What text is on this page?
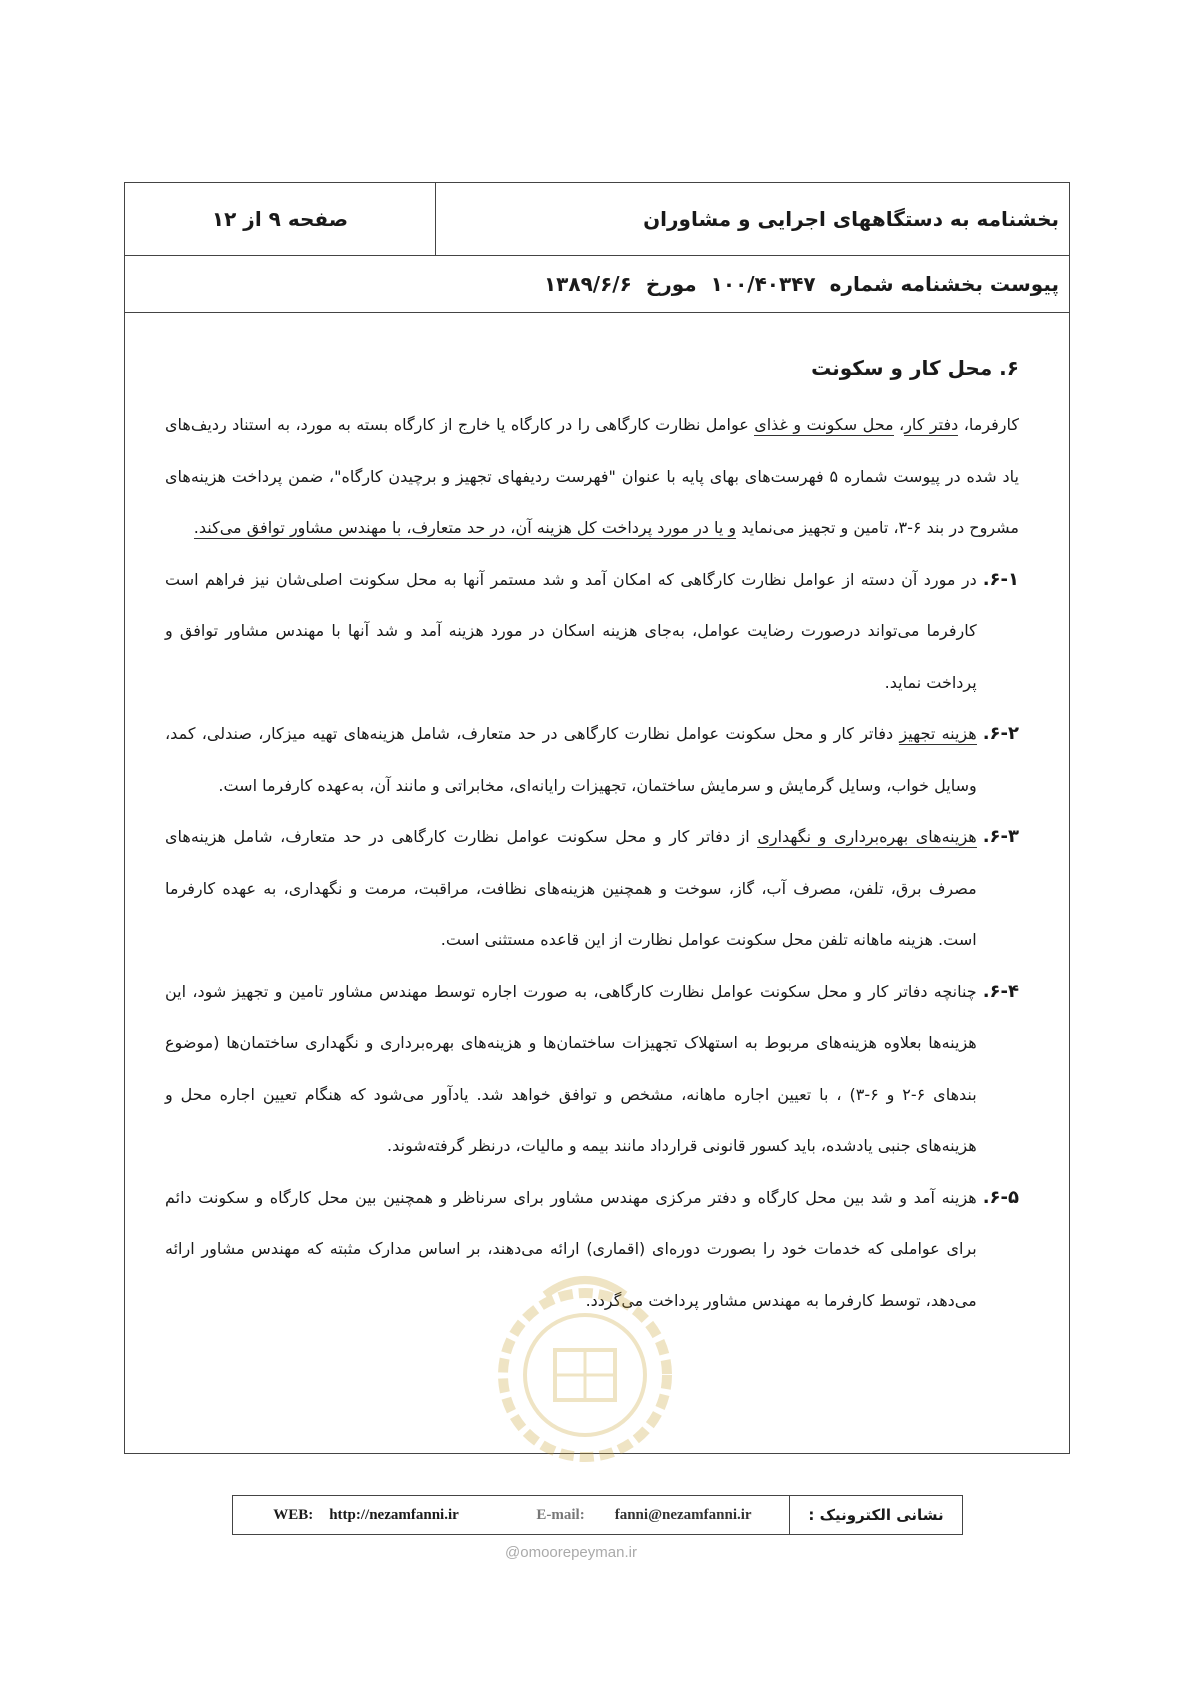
بخشنامه به دستگاههای اجرایی و مشاوران
صفحه ۹ از ۱۲
پیوست بخشنامه شماره
۱۰۰/۴۰۳۴۷
مورخ
۱۳۸۹/۶/۶
۶. محل کار و سکونت

کارفرما، دفتر کار، محل سکونت و غذای عوامل نظارت کارگاهی را در کارگاه یا خارج از کارگاه بسته به مورد، به استناد ردیف‌های یاد شده در پیوست شماره ۵ فهرست‌های بهای پایه با عنوان "فهرست ردیفهای تجهیز و برچیدن کارگاه"، ضمن پرداخت هزینه‌های مشروح در بند ۶-۳، تامین و تجهیز می‌نماید و یا در مورد پرداخت کل هزینه آن، در حد متعارف، با مهندس مشاور توافق می‌کند.

۶-۱.
در مورد آن دسته از عوامل نظارت کارگاهی که امکان آمد و شد مستمر آنها به محل سکونت اصلی‌شان نیز فراهم است کارفرما می‌تواند درصورت رضایت عوامل، به‌جای هزینه اسکان در مورد هزینه آمد و شد آنها با مهندس مشاور توافق و پرداخت نماید.
۶-۲.
هزینه تجهیز دفاتر کار و محل سکونت عوامل نظارت کارگاهی در حد متعارف، شامل هزینه‌های تهیه میزکار، صندلی، کمد، وسایل خواب، وسایل گرمایش و سرمایش ساختمان، تجهیزات رایانه‌ای، مخابراتی و مانند آن، به‌عهده کارفرما است.
۶-۳.
هزینه‌های بهره‌برداری و نگهداری از دفاتر کار و محل سکونت عوامل نظارت کارگاهی در حد متعارف، شامل هزینه‌های مصرف برق، تلفن، مصرف آب، گاز، سوخت و همچنین هزینه‌های نظافت، مراقبت، مرمت و نگهداری، به عهده کارفرما است. هزینه ماهانه تلفن محل سکونت عوامل نظارت از این قاعده مستثنی است.
۶-۴.
چنانچه دفاتر کار و محل سکونت عوامل نظارت کارگاهی، به صورت اجاره توسط مهندس مشاور تامین و تجهیز شود، این هزینه‌ها بعلاوه هزینه‌های مربوط به استهلاک تجهیزات ساختمان‌ها و هزینه‌های بهره‌برداری و نگهداری ساختمان‌ها (موضوع بندهای ۶-۲ و ۶-۳) ، با تعیین اجاره ماهانه، مشخص و توافق خواهد شد. یادآور می‌شود که هنگام تعیین اجاره محل و هزینه‌های جنبی یادشده، باید کسور قانونی قرارداد مانند بیمه و مالیات، درنظر گرفته‌شوند.
۶-۵.
هزینه آمد و شد بین محل کارگاه و دفتر مرکزی مهندس مشاور برای سرناظر و همچنین بین محل کارگاه و سکونت دائم برای عواملی که خدمات خود را بصورت دوره‌ای (اقماری) ارائه می‌دهند، بر اساس مدارک مثبته که مهندس مشاور ارائه می‌دهد، توسط کارفرما به مهندس مشاور پرداخت می‌گردد.
نشانی الکترونیک :
E-mail: fanni@nezamfanni.ir
WEB: http://nezamfanni.ir
@omoorepeyman.ir
